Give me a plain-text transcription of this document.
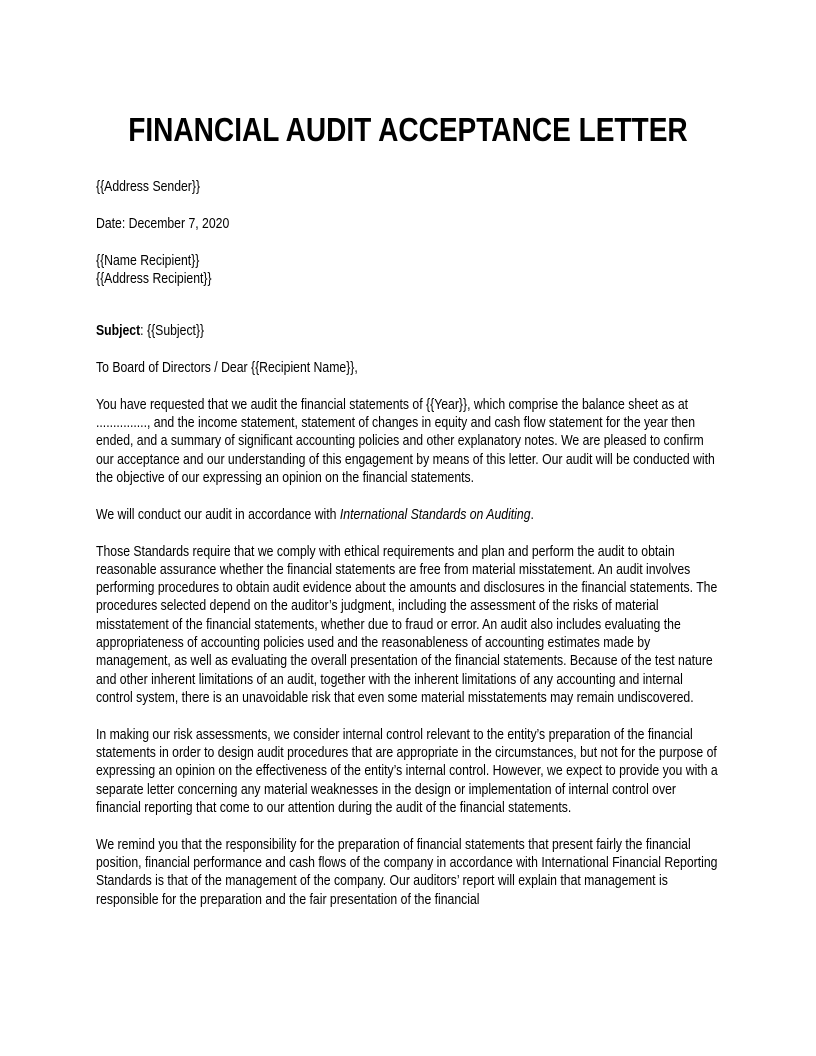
FINANCIAL AUDIT ACCEPTANCE LETTER

{{Address Sender}}

Date: December 7, 2020

{{Name Recipient}}

{{Address Recipient}}

Subject: {{Subject}}

To Board of Directors / Dear {{Recipient Name}},

You have requested that we audit the financial statements of {{Year}}, which comprise the balance sheet as at ..............., and the income statement, statement of changes in equity and cash flow statement for the year then ended, and a summary of significant accounting policies and other explanatory notes. We are pleased to confirm our acceptance and our understanding of this engagement by means of this letter. Our audit will be conducted with the objective of our expressing an opinion on the financial statements.

We will conduct our audit in accordance with International Standards on Auditing.

Those Standards require that we comply with ethical requirements and plan and perform the audit to obtain reasonable assurance whether the financial statements are free from material misstatement. An audit involves performing procedures to obtain audit evidence about the amounts and disclosures in the financial statements. The procedures selected depend on the auditor’s judgment, including the assessment of the risks of material misstatement of the financial statements, whether due to fraud or error. An audit also includes evaluating the appropriateness of accounting policies used and the reasonableness of accounting estimates made by management, as well as evaluating the overall presentation of the financial statements. Because of the test nature and other inherent limitations of an audit, together with the inherent limitations of any accounting and internal control system, there is an unavoidable risk that even some material misstatements may remain undiscovered.

In making our risk assessments, we consider internal control relevant to the entity’s preparation of the financial statements in order to design audit procedures that are appropriate in the circumstances, but not for the purpose of expressing an opinion on the effectiveness of the entity’s internal control. However, we expect to provide you with a separate letter concerning any material weaknesses in the design or implementation of internal control over financial reporting that come to our attention during the audit of the financial statements.

We remind you that the responsibility for the preparation of financial statements that present fairly the financial position, financial performance and cash flows of the company in accordance with International Financial Reporting Standards is that of the management of the company. Our auditors’ report will explain that management is responsible for the preparation and the fair presentation of the financial
